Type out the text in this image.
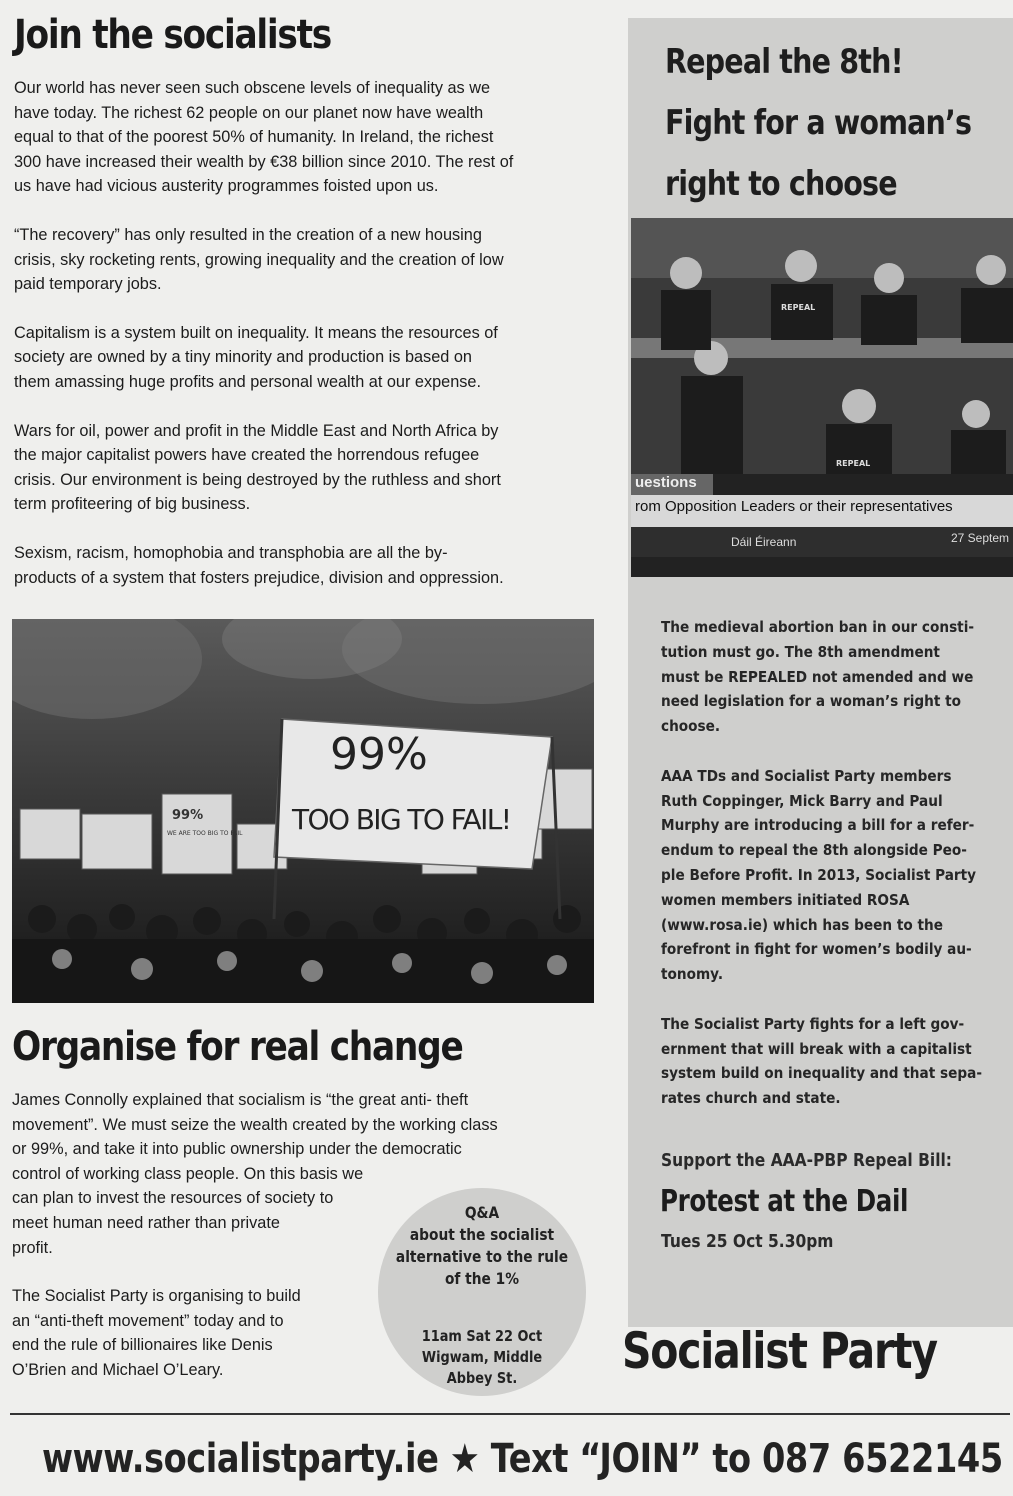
Join the socialists

Our world has never seen such obscene levels of inequality as we
have today. The richest 62 people on our planet now have wealth
equal to that of the poorest 50% of humanity. In Ireland, the richest
300 have increased their wealth by €38 billion since 2010. The rest of
us have had vicious austerity programmes foisted upon us.

“The recovery” has only resulted in the creation of a new housing
crisis, sky rocketing rents, growing inequality and the creation of low
paid temporary jobs.

Capitalism is a system built on inequality. It means the resources of
society are owned by a tiny minority and production is based on
them amassing huge profits and personal wealth at our expense.

Wars for oil, power and profit in the Middle East and North Africa by
the major capitalist powers have created the horrendous refugee
crisis. Our environment is being destroyed by the ruthless and short
term profiteering of big business.

Sexism, racism, homophobia and transphobia are all the by-
products of a system that fosters prejudice, division and oppression.

99%
TOO BIG TO FAIL!
99%
WE ARE TOO BIG TO FAIL
Organise for real change

James Connolly explained that socialism is “the great anti- theft
movement”. We must seize the wealth created by the working class
or 99%, and take it into public ownership under the democratic
control of working class people. On this basis we
can plan to invest the resources of society to
meet human need rather than private
profit.

The Socialist Party is organising to build
an “anti-theft movement” today and to
end the rule of billionaires like Denis
O’Brien and Michael O’Leary.

Q&A
about the socialist
alternative to the rule
of the 1%
11am Sat 22 Oct
Wigwam, Middle
Abbey St.
Repeal the 8th!
Fight for a woman’s
right to choose
REPEAL
REPEAL
uestions
rom Opposition Leaders or their representatives
Dáil Éireann	27 Septem

The medieval abortion ban in our consti-
tution must go. The 8th amendment
must be REPEALED not amended and we
need legislation for a woman’s right to
choose.

AAA TDs and Socialist Party members
Ruth Coppinger, Mick Barry and Paul
Murphy are introducing a bill for a refer-
endum to repeal the 8th alongside Peo-
ple Before Profit. In 2013, Socialist Party
women members initiated ROSA
(www.rosa.ie) which has been to the
forefront in fight for women’s bodily au-
tonomy.

The Socialist Party fights for a left gov-
ernment that will break with a capitalist
system build on inequality and that sepa-
rates church and state.

Support the AAA-PBP Repeal Bill:
Protest at the Dail
Tues 25 Oct 5.30pm
Socialist Party
www.socialistparty.ie ★ Text “JOIN” to 087 6522145
